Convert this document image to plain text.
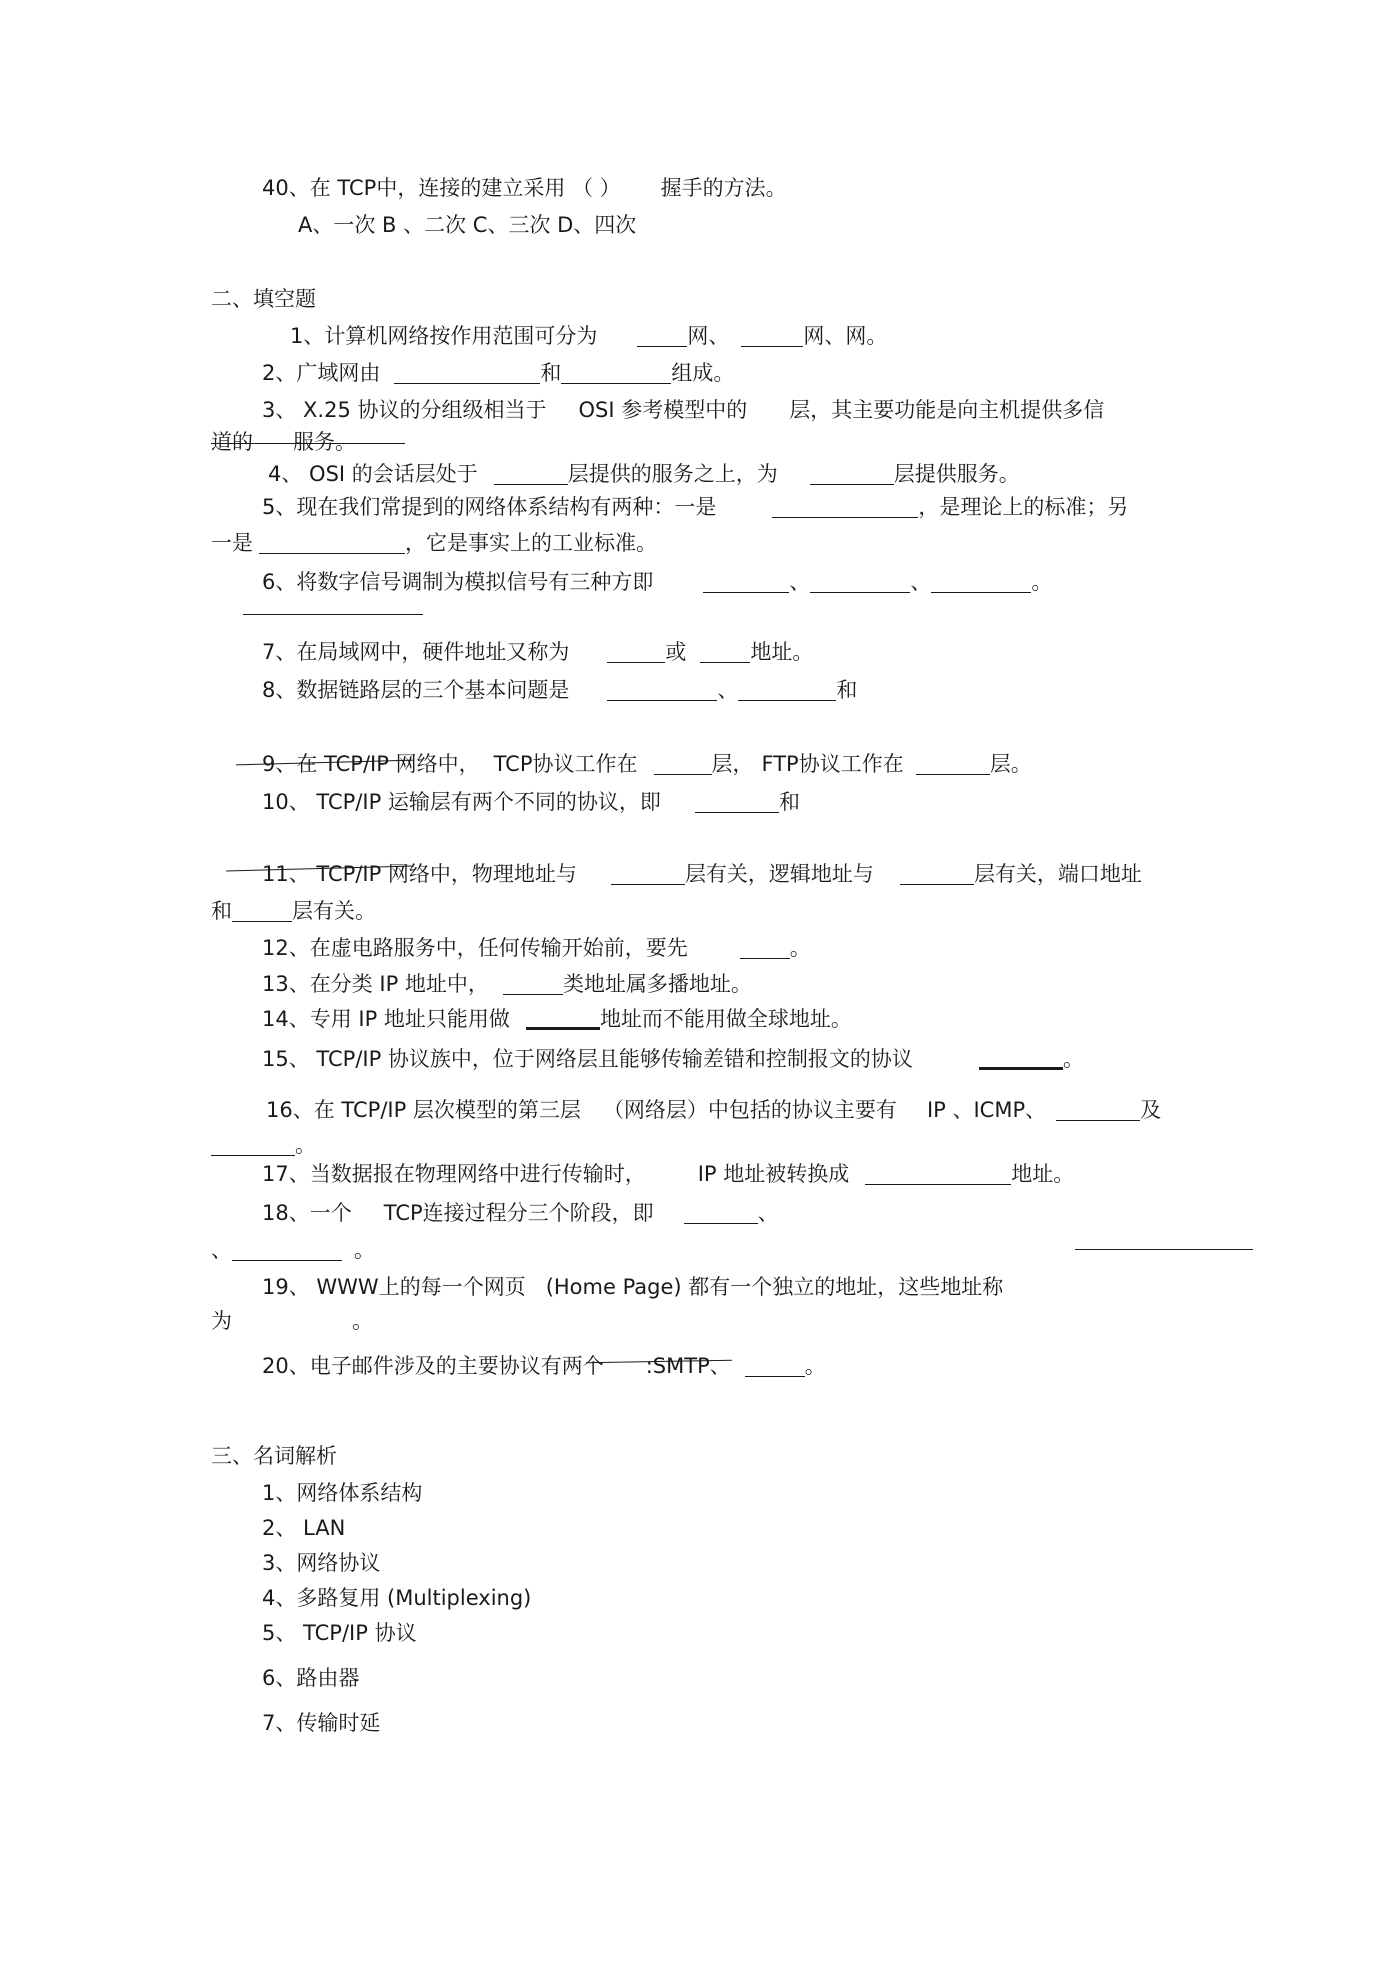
40、在 TCP中，连接的建立采用 （ ） 握手的方法。
A、一次 B 、二次 C、三次 D、四次
二、填空题
1、计算机网络按作用范围可分为	网、	网、网。
2、广域网由	和	组成。
3、 X.25 协议的分组级相当于 OSI 参考模型中的 层，其主要功能是向主机提供多信
道的 服务。
4、 OSI 的会话层处于	层提供的服务之上，为	层提供服务。
5、现在我们常提到的网络体系结构有两种：一是	，是理论上的标准；另
一是	，它是事实上的工业标准。
6、将数字信号调制为模拟信号有三种方即	、	、	。
7、在局域网中，硬件地址又称为	或	地址。
8、数据链路层的三个基本问题是	、	和
9、在 TCP/IP 网络中， TCP协议工作在	层， FTP协议工作在	层。
10、 TCP/IP 运输层有两个不同的协议，即	和
11、 TCP/IP 网络中，物理地址与	层有关，逻辑地址与	层有关，端口地址
和	层有关。
12、在虚电路服务中，任何传输开始前，要先	。
13、在分类 IP 地址中，	类地址属多播地址。
14、专用 IP 地址只能用做	地址而不能用做全球地址。
15、 TCP/IP 协议族中，位于网络层且能够传输差错和控制报文的协议	。
16、在 TCP/IP 层次模型的第三层 （网络层）中包括的协议主要有 IP 、ICMP、	及
。
17、当数据报在物理网络中进行传输时， IP 地址被转换成	地址。
18、一个 TCP连接过程分三个阶段，即	、
、	。
19、 WWW上的每一个网页 (Home Page) 都有一个独立的地址，这些地址称
为	。
20、电子邮件涉及的主要协议有两个 :SMTP、	。
三、名词解析
1、网络体系结构
2、 LAN
3、网络协议
4、多路复用 (Multiplexing)
5、 TCP/IP 协议
6、路由器
7、传输时延
